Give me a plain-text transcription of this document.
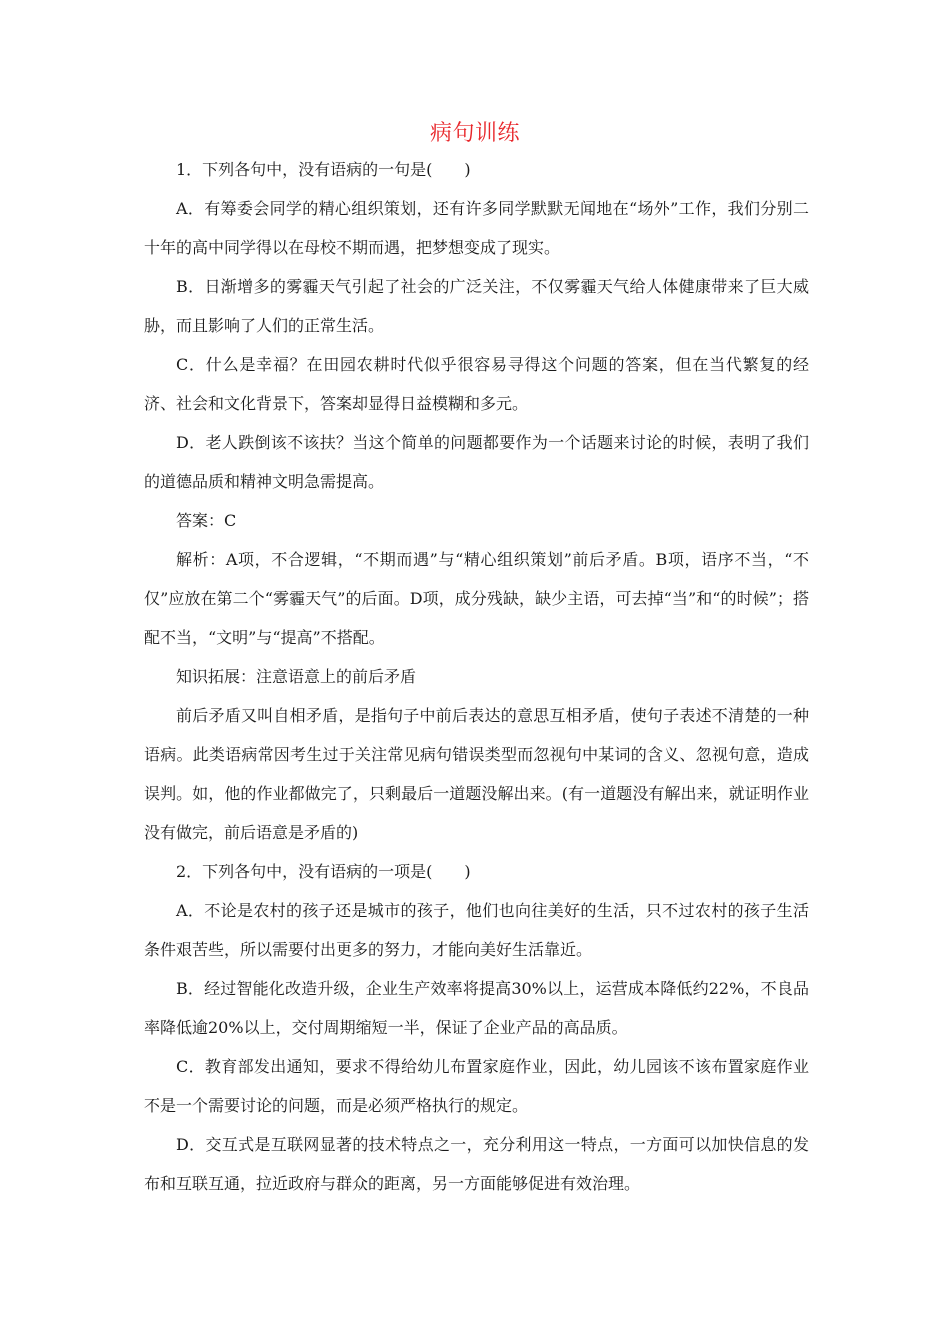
病句训练

1．下列各句中，没有语病的一句是(　　)

A．有筹委会同学的精心组织策划，还有许多同学默默无闻地在“场外”工作，我们分别二十年的高中同学得以在母校不期而遇，把梦想变成了现实。

B．日渐增多的雾霾天气引起了社会的广泛关注，不仅雾霾天气给人体健康带来了巨大威胁，而且影响了人们的正常生活。

C．什么是幸福？在田园农耕时代似乎很容易寻得这个问题的答案，但在当代繁复的经济、社会和文化背景下，答案却显得日益模糊和多元。

D．老人跌倒该不该扶？当这个简单的问题都要作为一个话题来讨论的时候，表明了我们的道德品质和精神文明急需提高。

答案：C

解析：A项，不合逻辑，“不期而遇”与“精心组织策划”前后矛盾。B项，语序不当，“不仅”应放在第二个“雾霾天气”的后面。D项，成分残缺，缺少主语，可去掉“当”和“的时候”；搭配不当，“文明”与“提高”不搭配。

知识拓展：注意语意上的前后矛盾

前后矛盾又叫自相矛盾，是指句子中前后表达的意思互相矛盾，使句子表述不清楚的一种语病。此类语病常因考生过于关注常见病句错误类型而忽视句中某词的含义、忽视句意，造成误判。如，他的作业都做完了，只剩最后一道题没解出来。(有一道题没有解出来，就证明作业没有做完，前后语意是矛盾的)

2．下列各句中，没有语病的一项是(　　)

A．不论是农村的孩子还是城市的孩子，他们也向往美好的生活，只不过农村的孩子生活条件艰苦些，所以需要付出更多的努力，才能向美好生活靠近。

B．经过智能化改造升级，企业生产效率将提高30%以上，运营成本降低约22%，不良品率降低逾20%以上，交付周期缩短一半，保证了企业产品的高品质。

C．教育部发出通知，要求不得给幼儿布置家庭作业，因此，幼儿园该不该布置家庭作业不是一个需要讨论的问题，而是必须严格执行的规定。

D．交互式是互联网显著的技术特点之一，充分利用这一特点，一方面可以加快信息的发布和互联互通，拉近政府与群众的距离，另一方面能够促进有效治理。
